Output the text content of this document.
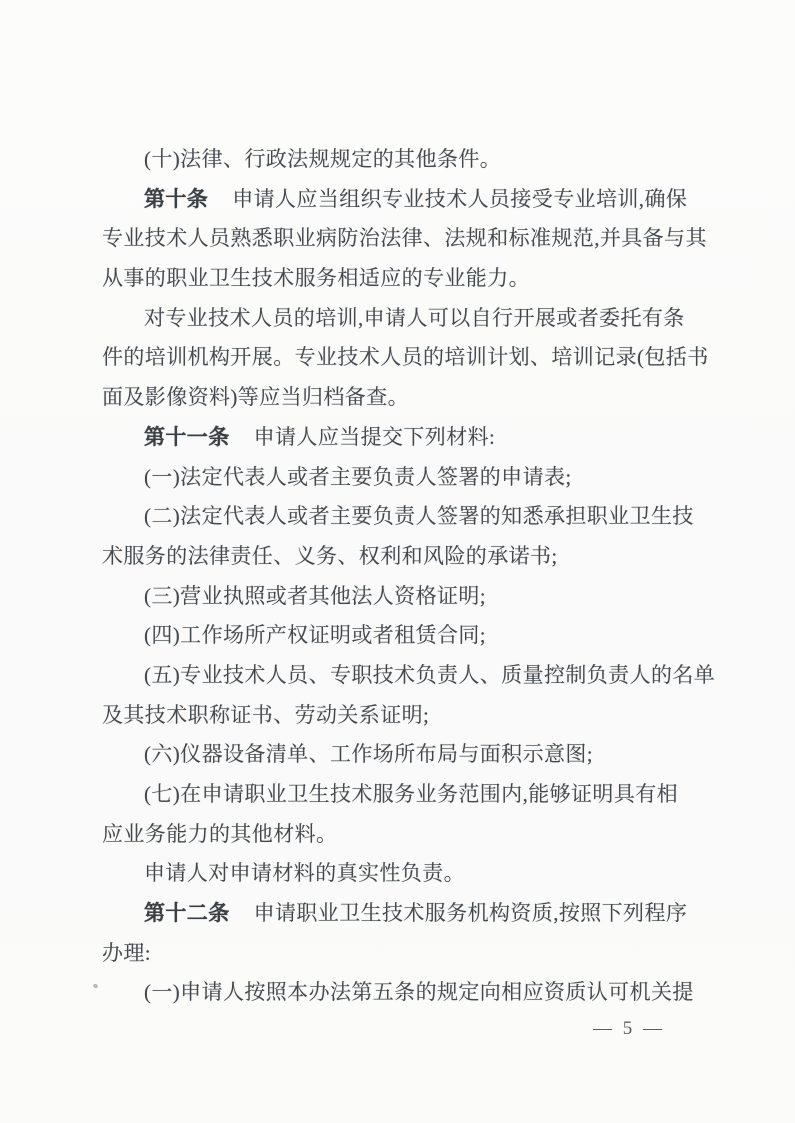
(十)法律、行政法规规定的其他条件。
第十条 申请人应当组织专业技术人员接受专业培训,确保
专业技术人员熟悉职业病防治法律、法规和标准规范,并具备与其
从事的职业卫生技术服务相适应的专业能力。
对专业技术人员的培训,申请人可以自行开展或者委托有条
件的培训机构开展。专业技术人员的培训计划、培训记录(包括书
面及影像资料)等应当归档备查。
第十一条 申请人应当提交下列材料:
(一)法定代表人或者主要负责人签署的申请表;
(二)法定代表人或者主要负责人签署的知悉承担职业卫生技
术服务的法律责任、义务、权利和风险的承诺书;
(三)营业执照或者其他法人资格证明;
(四)工作场所产权证明或者租赁合同;
(五)专业技术人员、专职技术负责人、质量控制负责人的名单
及其技术职称证书、劳动关系证明;
(六)仪器设备清单、工作场所布局与面积示意图;
(七)在申请职业卫生技术服务业务范围内,能够证明具有相
应业务能力的其他材料。
申请人对申请材料的真实性负责。
第十二条 申请职业卫生技术服务机构资质,按照下列程序
办理:
(一)申请人按照本办法第五条的规定向相应资质认可机关提
— 5 —
